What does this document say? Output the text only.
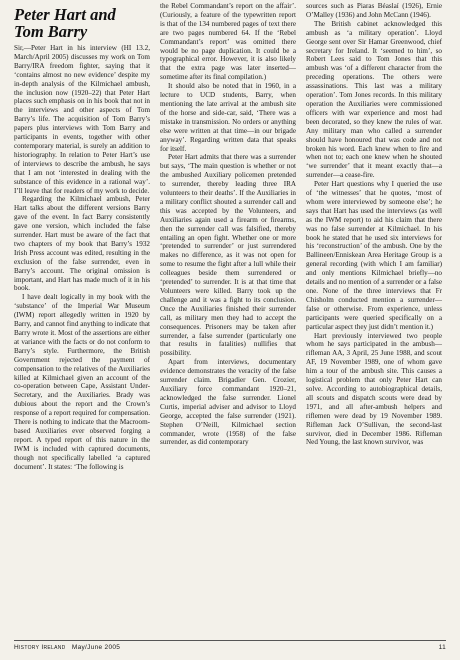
Peter Hart and Tom Barry

Sir,—Peter Hart in his interview (HI 13.2, March/April 2005) discusses my work on Tom Barry/IRA freedom fighter, saying that it ‘contains almost no new evidence’ despite my in-depth analysis of the Kilmichael ambush, the inclusion now (1920–22) that Peter Hart places such emphasis on in his book that not in the interviews and other aspects of Tom Barry’s life. The acquisition of Tom Barry’s papers plus interviews with Tom Barry and participants in events, together with other contemporary material, is surely an addition to historiography. In relation to Peter Hart’s use of interviews to describe the ambush, he says that I am not ‘interested in dealing with the substance of this evidence in a rational way’. I’ll leave that for readers of my work to decide.

Regarding the Kilmichael ambush, Peter Hart talks about the different versions Barry gave of the event. In fact Barry consistently gave one version, which included the false surrender. Hart must be aware of the fact that two chapters of my book that Barry’s 1932 Irish Press account was edited, resulting in the exclusion of the false surrender, even in Barry’s account. The original omission is important, and Hart has made much of it in his book.

I have dealt logically in my book with the ‘substance’ of the Imperial War Museum (IWM) report allegedly written in 1920 by Barry, and cannot find anything to indicate that Barry wrote it. Most of the assertions are either at variance with the facts or do not conform to Barry’s style. Furthermore, the British Government rejected the payment of compensation to the relatives of the Auxiliaries killed at Kilmichael given an account of the co-operation between Cape, Assistant Under-Secretary, and the Auxiliaries. Brady was dubious about the report and the Crown’s response of a report required for compensation. There is nothing to indicate that the Macroom-based Auxiliaries ever observed forging a report. A typed report of this nature in the IWM is included with captured documents, though not specifically labelled ‘a captured document’. It states: ‘The following is

the Rebel Commandant’s report on the affair’. (Curiously, a feature of the typewritten report is that of the 134 numbered pages of text there are two pages numbered 64. If the ‘Rebel Commandant’s report’ was omitted there would be no page duplication. It could be a typographical error. However, it is also likely that the extra page was later inserted—sometime after its final compilation.)

It should also be noted that in 1960, in a lecture to UCD students, Barry, when mentioning the late arrival at the ambush site of the horse and side-car, said, ‘There was a mistake in transmission. No orders or anything else were written at that time—in our brigade anyway’. Regarding written data that speaks for itself.

Peter Hart admits that there was a surrender but says, ‘The main question is whether or not the ambushed Auxiliary policemen pretended to surrender, thereby leading three IRA volunteers to their deaths’. If the Auxiliaries in a military conflict shouted a surrender call and this was accepted by the Volunteers, and Auxiliaries again used a firearm or firearms, then the surrender call was falsified, thereby entailing an open fight. Whether one or more ‘pretended to surrender’ or just surrendered makes no difference, as it was not open for some to resume the fight after a lull while their colleagues beside them surrendered or ‘pretended’ to surrender. It is at that time that Volunteers were killed. Barry took up the challenge and it was a fight to its conclusion. Once the Auxiliaries finished their surrender call, as military men they had to accept the consequences. Prisoners may be taken after surrender, a false surrender (particularly one that results in fatalities) nullifies that possibility.

Apart from interviews, documentary evidence demonstrates the veracity of the false surrender claim. Brigadier Gen. Crozier, Auxiliary force commandant 1920–21, acknowledged the false surrender. Lionel Curtis, imperial adviser and advisor to Lloyd George, accepted the false surrender (1921). Stephen O’Neill, Kilmichael section commander, wrote (1958) of the false surrender, as did contemporary

sources such as Piaras Béaslaí (1926), Ernie O’Malley (1936) and John McCann (1946).

The British cabinet acknowledged this ambush as ‘a military operation’. Lloyd George sent over Sir Hamar Greenwood, chief secretary for Ireland. It ‘seemed to him’, so Robert Lees said to Tom Jones that this ambush was ‘of a different character from the preceding operations. The others were assassinations. This last was a military operation’. Tom Jones records. In this military operation the Auxiliaries were commissioned officers with war experience and most had been decorated, so they knew the rules of war. Any military man who called a surrender should have honoured that was code and not broken his word. Each knew when to fire and when not to; each one knew when he shouted ‘we surrender’ that it meant exactly that—a surrender—a cease-fire.

Peter Hart questions why I queried the use of ‘the witnesses’ that he quotes, ‘most of whom were interviewed by someone else’; he says that Hart has used the interviews (as well as the IWM report) to aid his claim that there was no false surrender at Kilmichael. In his book he stated that he used six interviews for his ‘reconstruction’ of the ambush. One by the Ballineen/Enniskean Area Heritage Group is a general recording (with which I am familiar) and only mentions Kilmichael briefly—no details and no mention of a surrender or a false one. None of the three interviews that Fr Chisholm conducted mention a surrender—false or otherwise. From experience, unless participants were queried specifically on a particular aspect they just didn’t mention it.)

Hart previously interviewed two people whom he says participated in the ambush—rifleman AA, 3 April, 25 June 1988, and scout AF, 19 November 1989, one of whom gave him a tour of the ambush site. This causes a logistical problem that only Peter Hart can solve. According to autobiographical details, all scouts and dispatch scouts were dead by 1971, and all after-ambush helpers and riflemen were dead by 19 November 1989. Rifleman Jack O’Sullivan, the second-last survivor, died in December 1986. Rifleman Ned Young, the last known survivor, was

History Ireland May/June 2005	11
